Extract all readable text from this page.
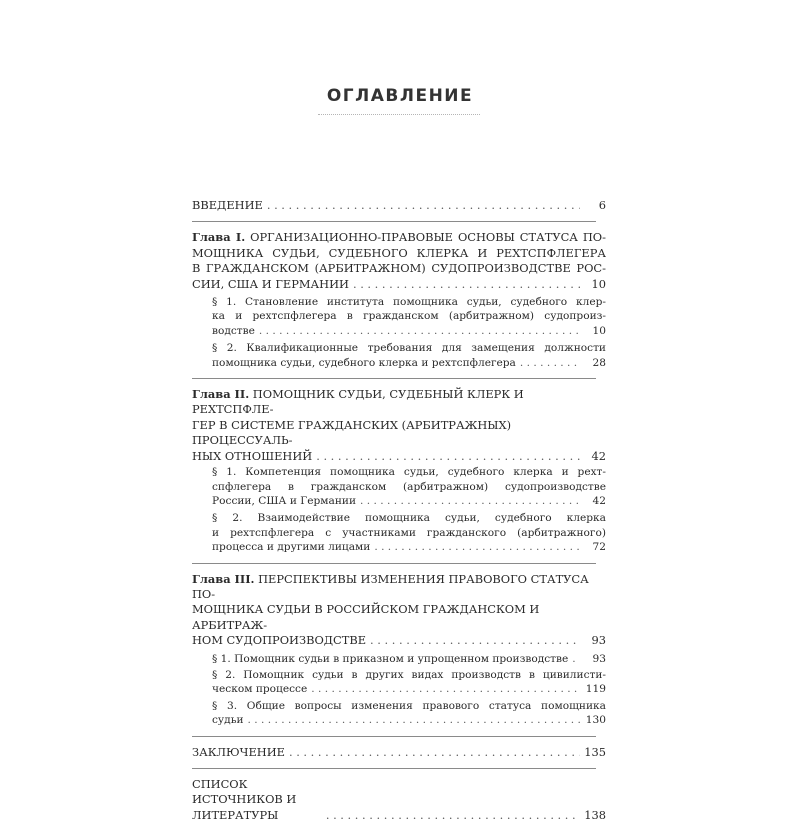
ОГЛАВЛЕНИЕ
ВВЕДЕНИЕ . . .	6
Глава I. ОРГАНИЗАЦИОННО-ПРАВОВЫЕ ОСНОВЫ СТАТУСА ПО-
МОЩНИКА СУДЬИ, СУДЕБНОГО КЛЕРКА И РЕХТСПФЛЕГЕРА
В ГРАЖДАНСКОМ (АРБИТРАЖНОМ) СУДОПРОИЗВОДСТВЕ РОС-
СИИ, США И ГЕРМАНИИ . . .	10
§ 1. Становление института помощника судьи, судебного клер-
ка и рехтспфлегера в гражданском (арбитражном) судопроиз-
водстве . . .	10
§ 2. Квалификационные требования для замещения должности
помощника судьи, судебного клерка и рехтспфлегера . . .	28
Глава II. ПОМОЩНИК СУДЬИ, СУДЕБНЫЙ КЛЕРК И РЕХТСПФЛЕ-
ГЕР В СИСТЕМЕ ГРАЖДАНСКИХ (АРБИТРАЖНЫХ) ПРОЦЕССУАЛЬ-
НЫХ ОТНОШЕНИЙ . . .	42
§ 1. Компетенция помощника судьи, судебного клерка и рехт-
спфлегера в гражданском (арбитражном) судопроизводстве
России, США и Германии . . .	42
§ 2. Взаимодействие помощника судьи, судебного клерка
и рехтспфлегера с участниками гражданского (арбитражного)
процесса и другими лицами . . .	72
Глава III. ПЕРСПЕКТИВЫ ИЗМЕНЕНИЯ ПРАВОВОГО СТАТУСА ПО-
МОЩНИКА СУДЬИ В РОССИЙСКОМ ГРАЖДАНСКОМ И АРБИТРАЖ-
НОМ СУДОПРОИЗВОДСТВЕ . . .	93
§ 1. Помощник судьи в приказном и упрощенном производстве . . .	93
§ 2. Помощник судьи в других видах производств в цивилисти-
ческом процессе . . .	119
§ 3. Общие вопросы изменения правового статуса помощника
судьи . . .	130
ЗАКЛЮЧЕНИЕ . . .	135
СПИСОК ИСТОЧНИКОВ И ЛИТЕРАТУРЫ . . .	138
